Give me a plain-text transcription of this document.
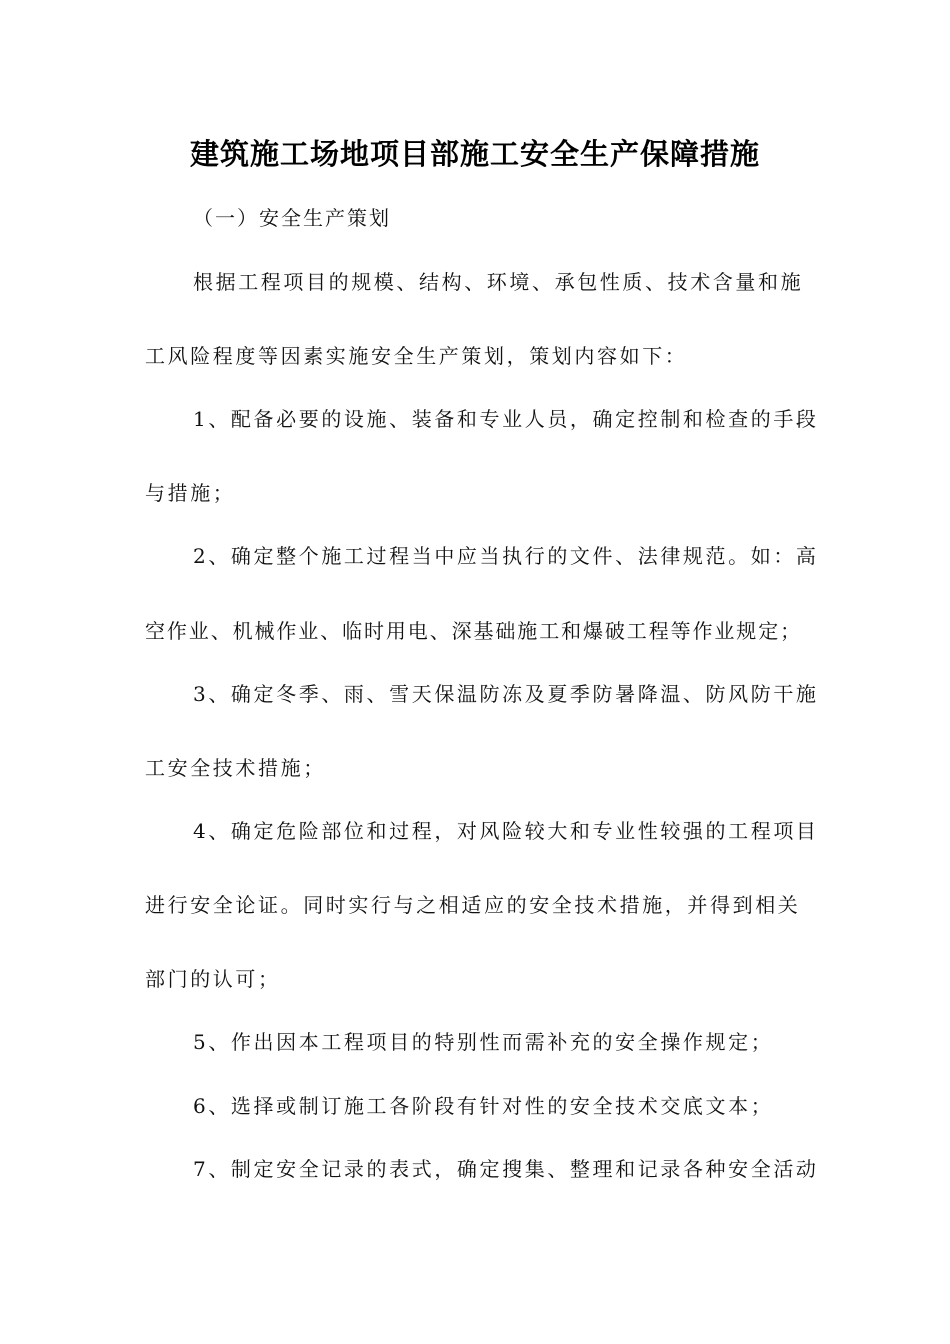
建筑施工场地项目部施工安全生产保障措施
（一）安全生产策划
根据工程项目的规模、结构、环境、承包性质、技术含量和施
工风险程度等因素实施安全生产策划，策划内容如下：
1、配备必要的设施、装备和专业人员，确定控制和检查的手段
与措施；
2、确定整个施工过程当中应当执行的文件、法律规范。如：高
空作业、机械作业、临时用电、深基础施工和爆破工程等作业规定；
3、确定冬季、雨、雪天保温防冻及夏季防暑降温、防风防干施
工安全技术措施；
4、确定危险部位和过程，对风险较大和专业性较强的工程项目
进行安全论证。同时实行与之相适应的安全技术措施，并得到相关
部门的认可；
5、作出因本工程项目的特别性而需补充的安全操作规定；
6、选择或制订施工各阶段有针对性的安全技术交底文本；
7、制定安全记录的表式，确定搜集、整理和记录各种安全活动
